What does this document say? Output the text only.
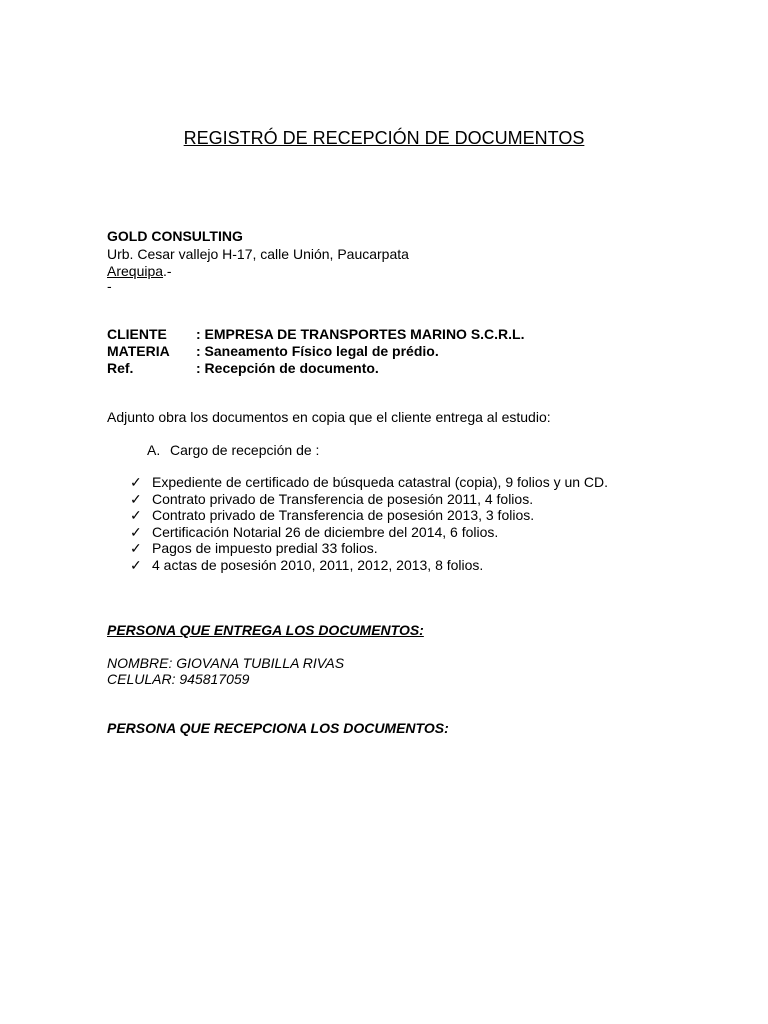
REGISTRÓ DE RECEPCIÓN DE DOCUMENTOS
GOLD CONSULTING
Urb. Cesar vallejo H-17, calle Unión, Paucarpata
Arequipa.-
-
CLIENTE : EMPRESA DE TRANSPORTES MARINO S.C.R.L.
MATERIA : Saneamento Físico legal de prédio.
Ref.	: Recepción de documento.
Adjunto obra los documentos en copia que el cliente entrega al estudio:
A. Cargo de recepción de :
✓ Expediente de certificado de búsqueda catastral (copia), 9 folios y un CD.
✓ Contrato privado de Transferencia de posesión 2011, 4 folios.
✓ Contrato privado de Transferencia de posesión 2013, 3 folios.
✓ Certificación Notarial 26 de diciembre del 2014, 6 folios.
✓ Pagos de impuesto predial 33 folios.
✓ 4 actas de posesión 2010, 2011, 2012, 2013, 8 folios.
PERSONA QUE ENTREGA LOS DOCUMENTOS:
NOMBRE: GIOVANA TUBILLA RIVAS
CELULAR: 945817059
PERSONA QUE RECEPCIONA LOS DOCUMENTOS:
